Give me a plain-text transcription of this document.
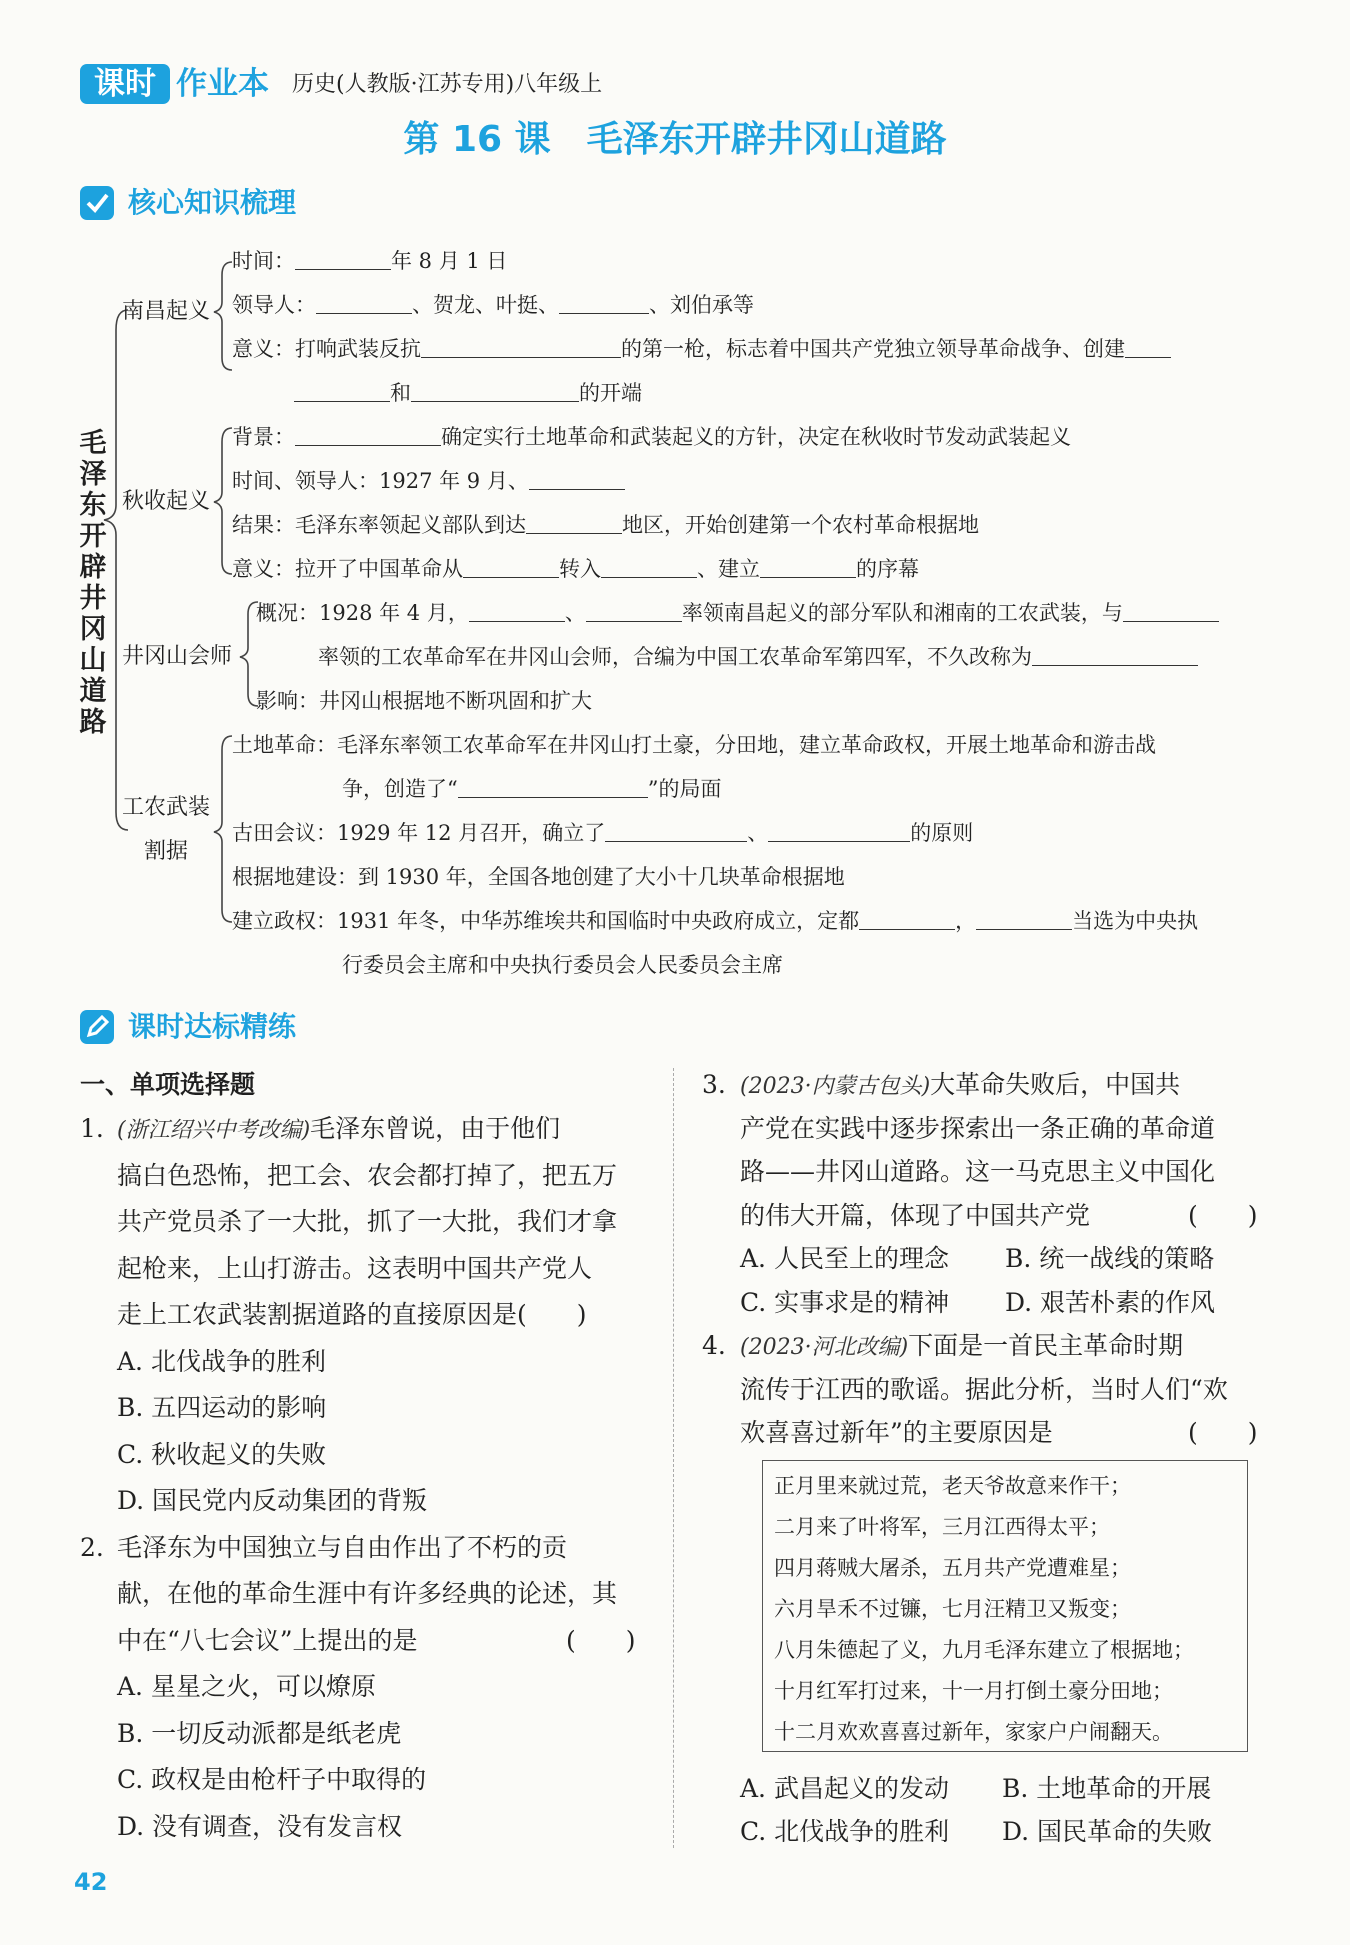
课时 作业本 历史(人教版·江苏专用)八年级上
第 16 课　毛泽东开辟井冈山道路
核心知识梳理
毛泽东开辟井冈山道路
南昌起义
时间：	年 8 月 1 日
领导人：	、贺龙、叶挺、	、刘伯承等
意义：打响武装反抗	的第一枪，标志着中国共产党独立领导革命战争、创建
和	的开端
秋收起义
背景：	确定实行土地革命和武装起义的方针，决定在秋收时节发动武装起义
时间、领导人：1927 年 9 月、
结果：毛泽东率领起义部队到达	地区，开始创建第一个农村革命根据地
意义：拉开了中国革命从	转入	、建立	的序幕
井冈山会师
概况：1928 年 4 月，	、	率领南昌起义的部分军队和湘南的工农武装，与
率领的工农革命军在井冈山会师，合编为中国工农革命军第四军，不久改称为
影响：井冈山根据地不断巩固和扩大
工农武装
割据
土地革命：毛泽东率领工农革命军在井冈山打土豪，分田地，建立革命政权，开展土地革命和游击战
争，创造了“	”的局面
古田会议：1929 年 12 月召开，确立了	、	的原则
根据地建设：到 1930 年，全国各地创建了大小十几块革命根据地
建立政权：1931 年冬，中华苏维埃共和国临时中央政府成立，定都	，	当选为中央执
行委员会主席和中央执行委员会人民委员会主席
课时达标精练
一、单项选择题
1. (浙江绍兴中考改编)毛泽东曾说，由于他们
搞白色恐怖，把工会、农会都打掉了，把五万
共产党员杀了一大批，抓了一大批，我们才拿
起枪来，上山打游击。这表明中国共产党人
走上工农武装割据道路的直接原因是(　　)
A. 北伐战争的胜利
B. 五四运动的影响
C. 秋收起义的失败
D. 国民党内反动集团的背叛
2. 毛泽东为中国独立与自由作出了不朽的贡
献，在他的革命生涯中有许多经典的论述，其
中在“八七会议”上提出的是	(　　)
A. 星星之火，可以燎原
B. 一切反动派都是纸老虎
C. 政权是由枪杆子中取得的
D. 没有调查，没有发言权
3. (2023·内蒙古包头)大革命失败后，中国共
产党在实践中逐步探索出一条正确的革命道
路——井冈山道路。这一马克思主义中国化
的伟大开篇，体现了中国共产党	(　　)
A. 人民至上的理念 B. 统一战线的策略
C. 实事求是的精神 D. 艰苦朴素的作风
4. (2023·河北改编)下面是一首民主革命时期
流传于江西的歌谣。据此分析，当时人们“欢
欢喜喜过新年”的主要原因是	(　　)
正月里来就过荒，老天爷故意来作干；
二月来了叶将军，三月江西得太平；
四月蒋贼大屠杀，五月共产党遭难星；
六月旱禾不过镰，七月汪精卫又叛变；
八月朱德起了义，九月毛泽东建立了根据地；
十月红军打过来，十一月打倒土豪分田地；
十二月欢欢喜喜过新年，家家户户闹翻天。
A. 武昌起义的发动 B. 土地革命的开展
C. 北伐战争的胜利 D. 国民革命的失败
42
